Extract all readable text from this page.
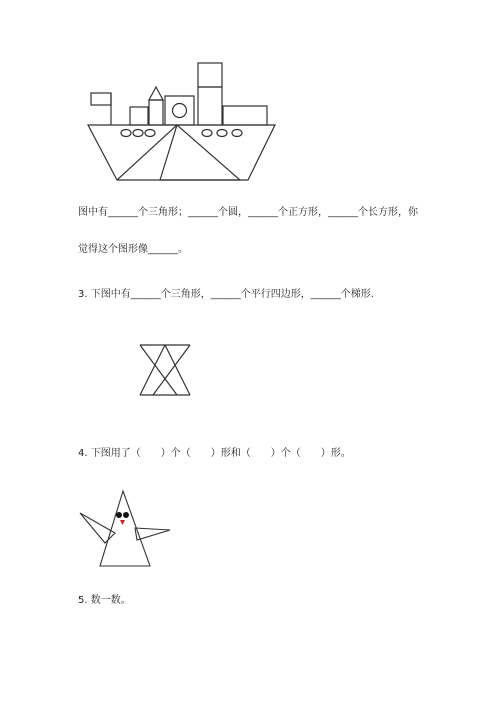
图中有______个三角形；______个圆，______个正方形，______个长方形，你
觉得这个图形像______。
3. 下图中有______个三角形，______个平行四边形，______个梯形.
4. 下图用了（　　）个（　　）形和（　　）个（　　）形。
5. 数一数。
